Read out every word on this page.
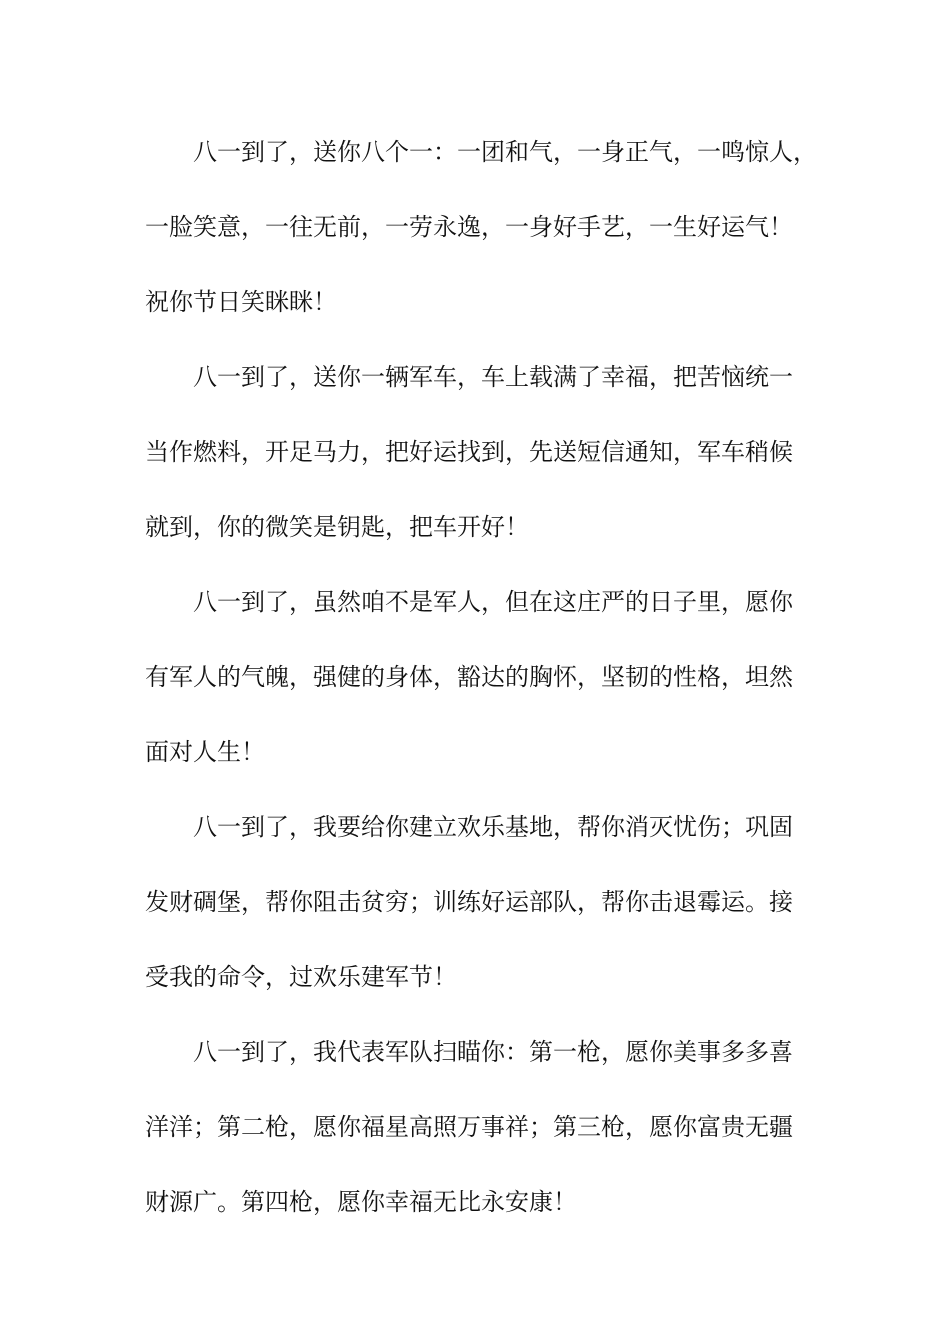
八一到了，送你八个一：一团和气，一身正气，一鸣惊人，
一脸笑意，一往无前，一劳永逸，一身好手艺，一生好运气！
祝你节日笑眯眯！
八一到了，送你一辆军车，车上载满了幸福，把苦恼统一
当作燃料，开足马力，把好运找到，先送短信通知，军车稍候
就到，你的微笑是钥匙，把车开好！
八一到了，虽然咱不是军人，但在这庄严的日子里，愿你
有军人的气魄，强健的身体，豁达的胸怀，坚韧的性格，坦然
面对人生！
八一到了，我要给你建立欢乐基地，帮你消灭忧伤；巩固
发财碉堡，帮你阻击贫穷；训练好运部队，帮你击退霉运。接
受我的命令，过欢乐建军节！
八一到了，我代表军队扫瞄你：第一枪，愿你美事多多喜
洋洋；第二枪，愿你福星高照万事祥；第三枪，愿你富贵无疆
财源广。第四枪，愿你幸福无比永安康！
